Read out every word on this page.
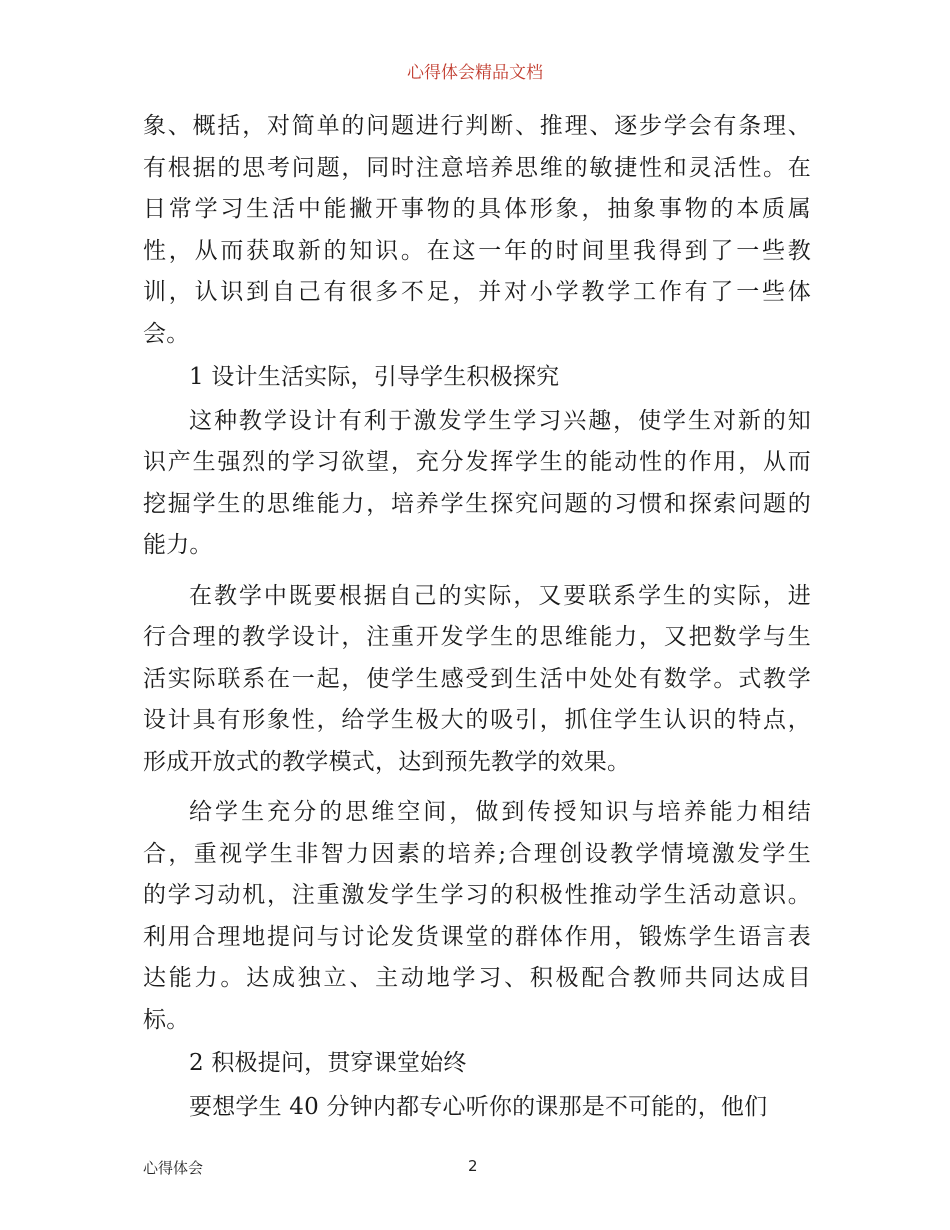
心得体会精品文档
象、概括，对简单的问题进行判断、推理、逐步学会有条理、
有根据的思考问题，同时注意培养思维的敏捷性和灵活性。在
日常学习生活中能撇开事物的具体形象，抽象事物的本质属
性，从而获取新的知识。在这一年的时间里我得到了一些教
训，认识到自己有很多不足，并对小学教学工作有了一些体
会。
1 设计生活实际，引导学生积极探究
这种教学设计有利于激发学生学习兴趣，使学生对新的知
识产生强烈的学习欲望，充分发挥学生的能动性的作用，从而
挖掘学生的思维能力，培养学生探究问题的习惯和探索问题的
能力。
在教学中既要根据自己的实际，又要联系学生的实际，进
行合理的教学设计，注重开发学生的思维能力，又把数学与生
活实际联系在一起，使学生感受到生活中处处有数学。式教学
设计具有形象性，给学生极大的吸引，抓住学生认识的特点，
形成开放式的教学模式，达到预先教学的效果。
给学生充分的思维空间，做到传授知识与培养能力相结
合，重视学生非智力因素的培养;合理创设教学情境激发学生
的学习动机，注重激发学生学习的积极性推动学生活动意识。
利用合理地提问与讨论发货课堂的群体作用，锻炼学生语言表
达能力。达成独立、主动地学习、积极配合教师共同达成目
标。
2 积极提问，贯穿课堂始终
要想学生 40 分钟内都专心听你的课那是不可能的，他们
心得体会	2
